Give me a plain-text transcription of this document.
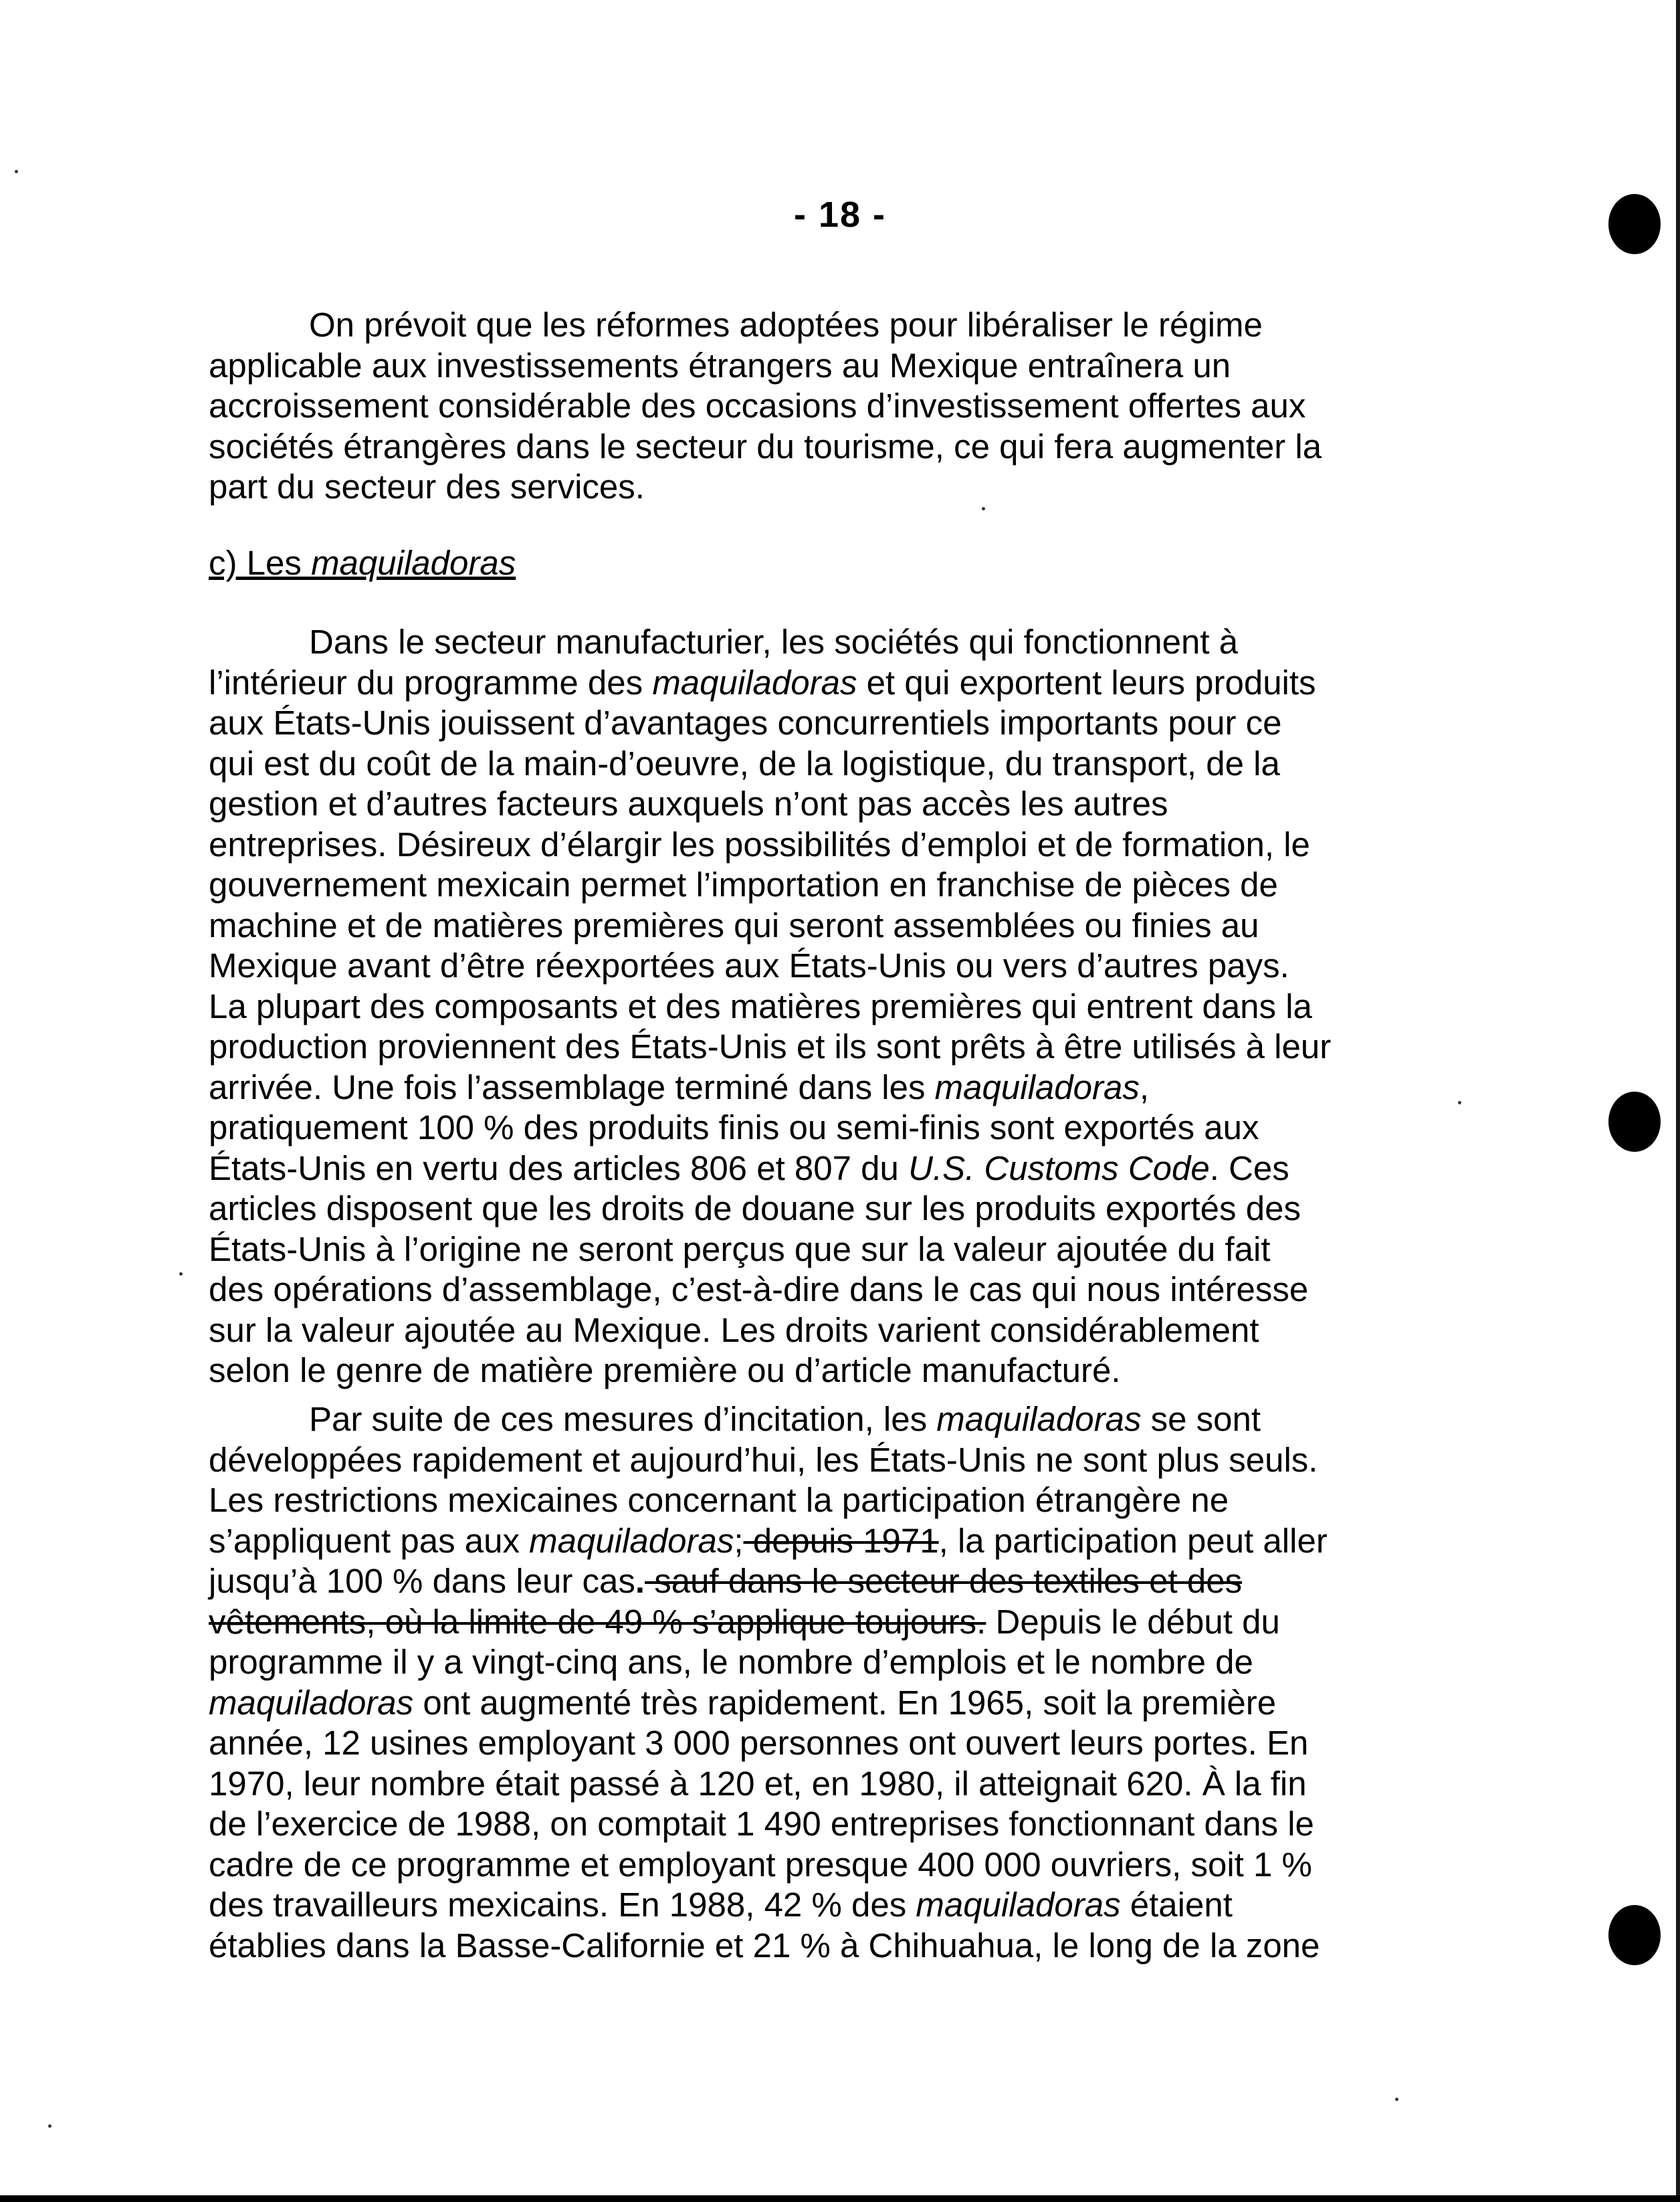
- 18 -
On prévoit que les réformes adoptées pour libéraliser le régime
applicable aux investissements étrangers au Mexique entraînera un
accroissement considérable des occasions d’investissement offertes aux
sociétés étrangères dans le secteur du tourisme, ce qui fera augmenter la
part du secteur des services.
c) Les maquiladoras
Dans le secteur manufacturier, les sociétés qui fonctionnent à
l’intérieur du programme des maquiladoras et qui exportent leurs produits
aux États-Unis jouissent d’avantages concurrentiels importants pour ce
qui est du coût de la main-d’oeuvre, de la logistique, du transport, de la
gestion et d’autres facteurs auxquels n’ont pas accès les autres
entreprises. Désireux d’élargir les possibilités d’emploi et de formation, le
gouvernement mexicain permet l’importation en franchise de pièces de
machine et de matières premières qui seront assemblées ou finies au
Mexique avant d’être réexportées aux États-Unis ou vers d’autres pays.
La plupart des composants et des matières premières qui entrent dans la
production proviennent des États-Unis et ils sont prêts à être utilisés à leur
arrivée. Une fois l’assemblage terminé dans les maquiladoras,
pratiquement 100 % des produits finis ou semi-finis sont exportés aux
États-Unis en vertu des articles 806 et 807 du U.S. Customs Code. Ces
articles disposent que les droits de douane sur les produits exportés des
États-Unis à l’origine ne seront perçus que sur la valeur ajoutée du fait
des opérations d’assemblage, c’est-à-dire dans le cas qui nous intéresse
sur la valeur ajoutée au Mexique. Les droits varient considérablement
selon le genre de matière première ou d’article manufacturé.
Par suite de ces mesures d’incitation, les maquiladoras se sont
développées rapidement et aujourd’hui, les États-Unis ne sont plus seuls.
Les restrictions mexicaines concernant la participation étrangère ne
s’appliquent pas aux maquiladoras; depuis 1971, la participation peut aller
jusqu’à 100 % dans leur cas. sauf dans le secteur des textiles et des
vêtements, où la limite de 49 % s’applique toujours. Depuis le début du
programme il y a vingt-cinq ans, le nombre d’emplois et le nombre de
maquiladoras ont augmenté très rapidement. En 1965, soit la première
année, 12 usines employant 3 000 personnes ont ouvert leurs portes. En
1970, leur nombre était passé à 120 et, en 1980, il atteignait 620. À la fin
de l’exercice de 1988, on comptait 1 490 entreprises fonctionnant dans le
cadre de ce programme et employant presque 400 000 ouvriers, soit 1 %
des travailleurs mexicains. En 1988, 42 % des maquiladoras étaient
établies dans la Basse-Californie et 21 % à Chihuahua, le long de la zone
